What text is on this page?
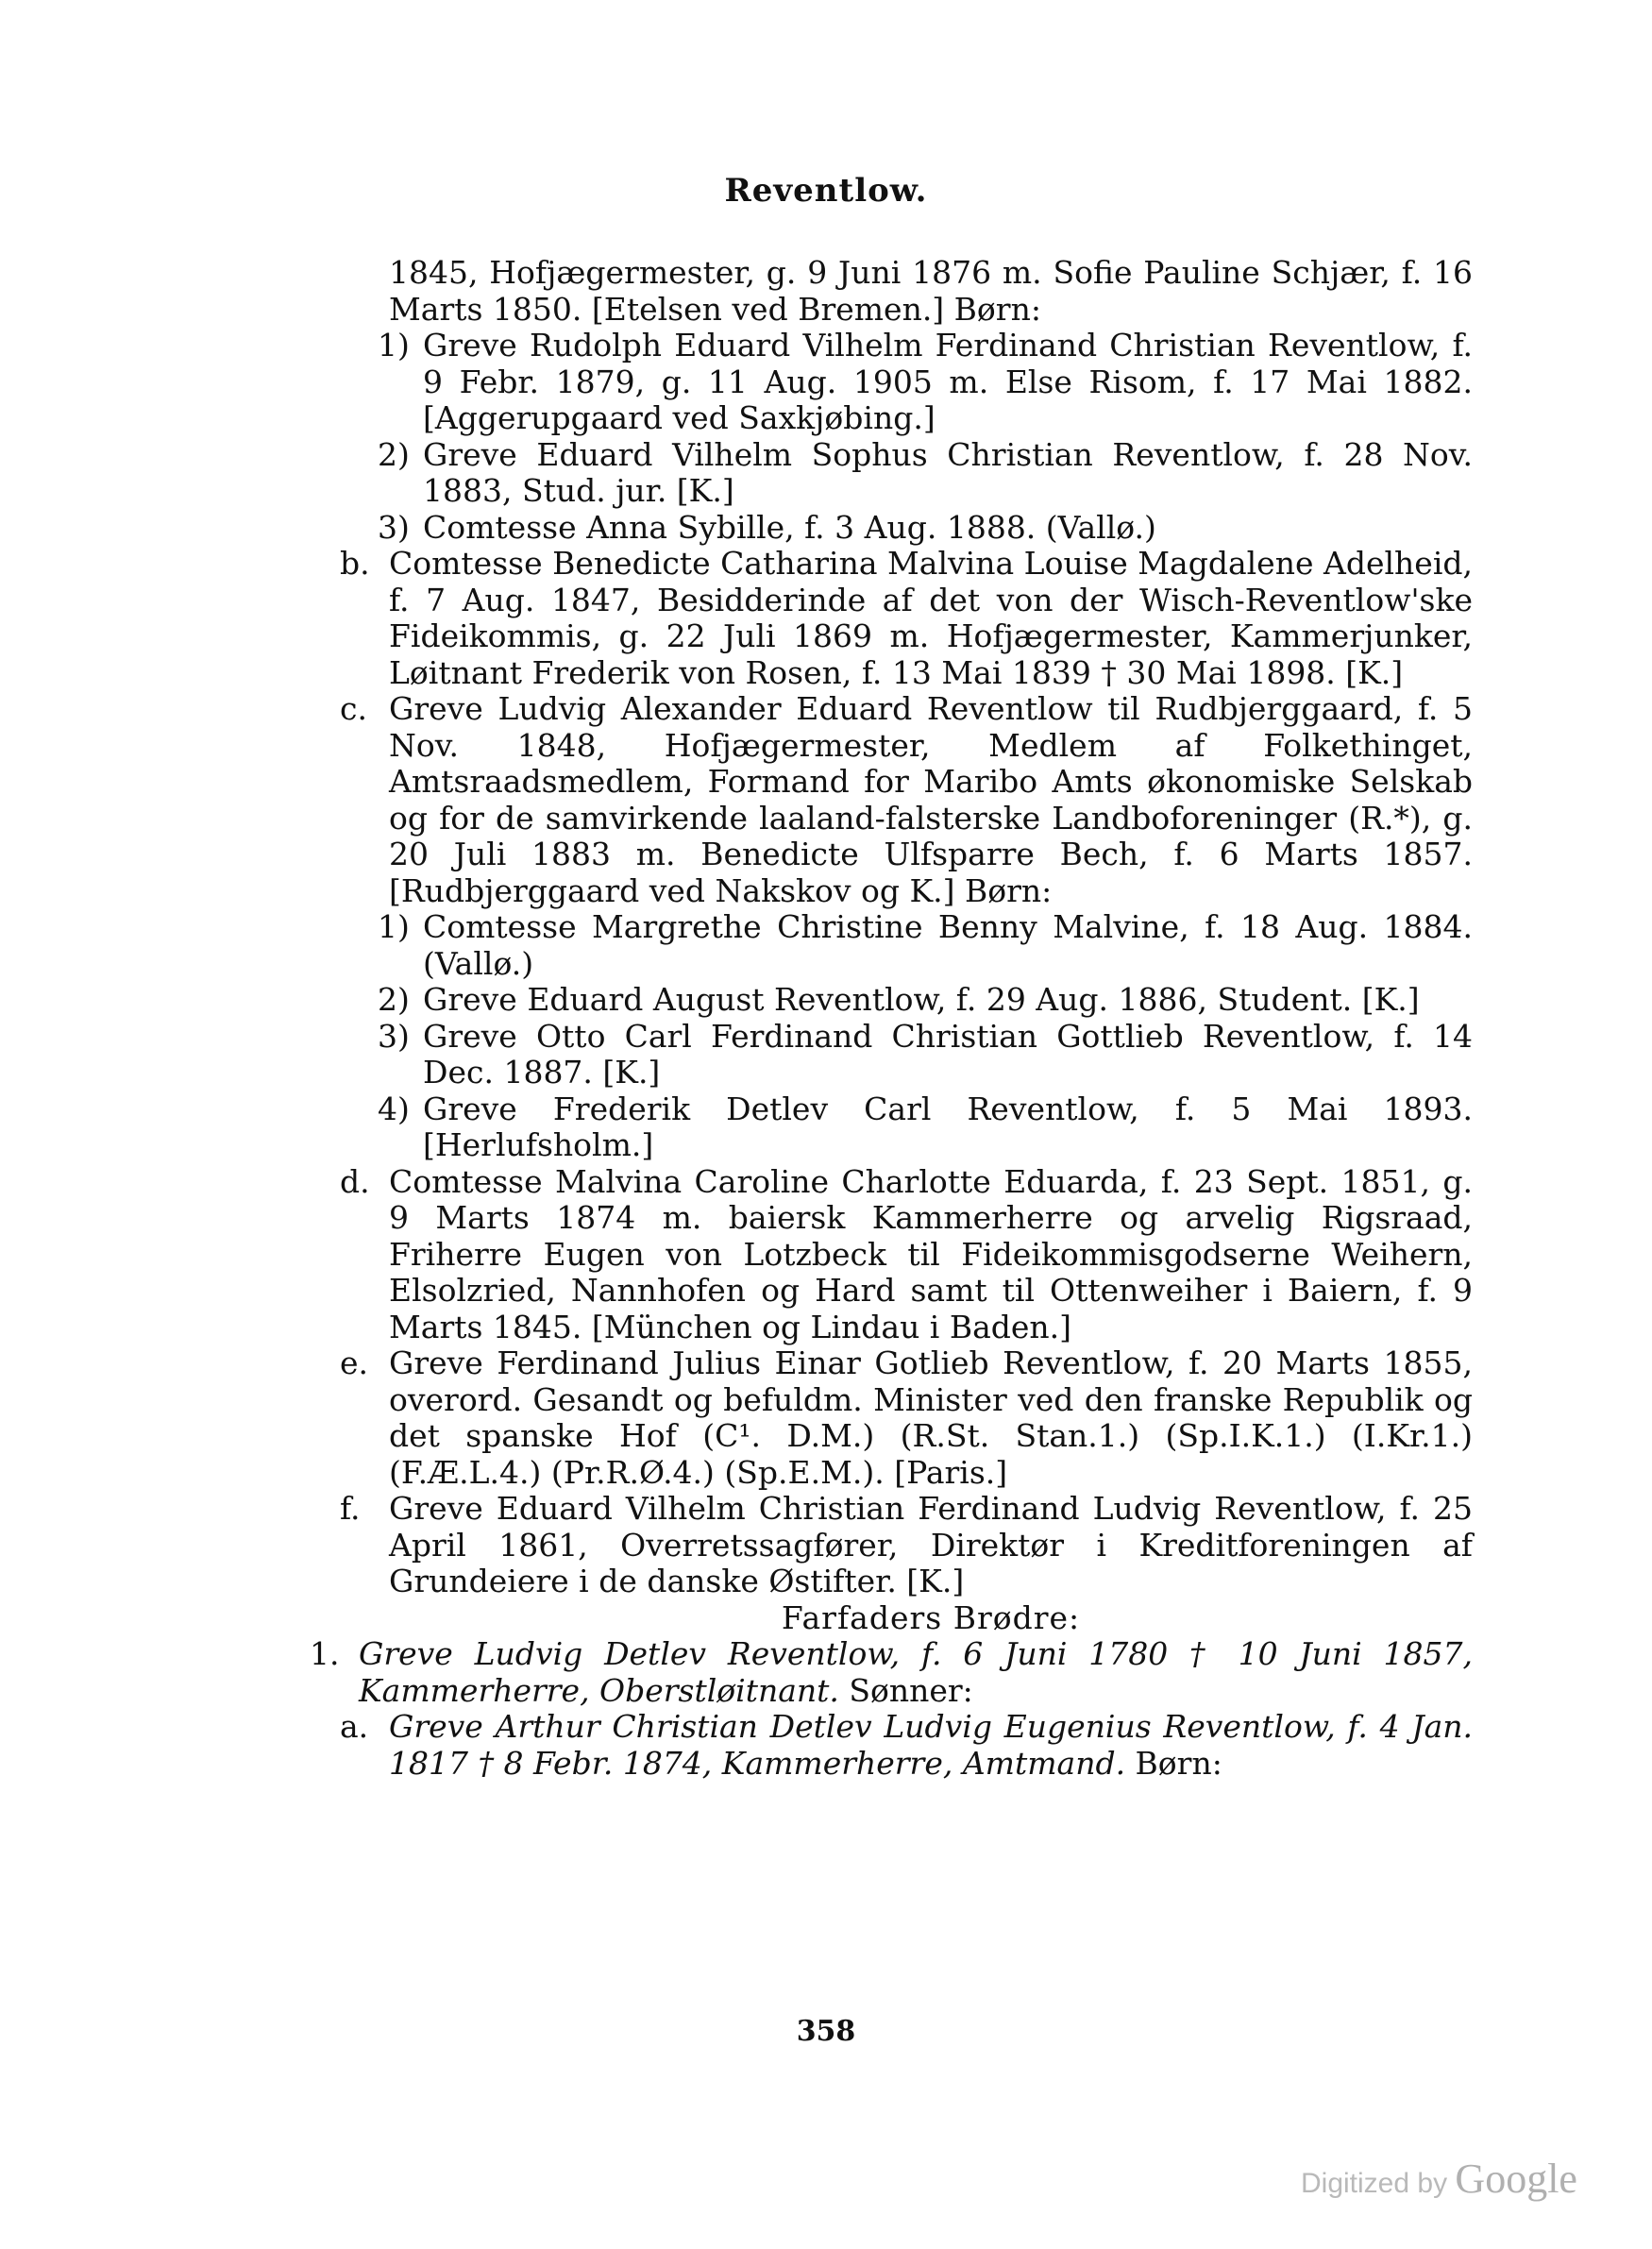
Reventlow.
1845, Hofjægermester, g. 9 Juni 1876 m. Sofie Pauline Schjær, f. 16 Marts 1850. [Etelsen ved Bremen.] Børn:
1) Greve Rudolph Eduard Vilhelm Ferdinand Christian Reventlow, f. 9 Febr. 1879, g. 11 Aug. 1905 m. Else Risom, f. 17 Mai 1882. [Aggerupgaard ved Saxkjøbing.]
2) Greve Eduard Vilhelm Sophus Christian Reventlow, f. 28 Nov. 1883, Stud. jur. [K.]
3) Comtesse Anna Sybille, f. 3 Aug. 1888. (Vallø.)
b. Comtesse Benedicte Catharina Malvina Louise Magdalene Adelheid, f. 7 Aug. 1847, Besidderinde af det von der Wisch-Reventlow'ske Fideikommis, g. 22 Juli 1869 m. Hofjægermester, Kammerjunker, Løitnant Frederik von Rosen, f. 13 Mai 1839 † 30 Mai 1898. [K.]
c. Greve Ludvig Alexander Eduard Reventlow til Rudbjerggaard, f. 5 Nov. 1848, Hofjægermester, Medlem af Folkethinget, Amtsraadsmedlem, Formand for Maribo Amts økonomiske Selskab og for de samvirkende laaland-falsterske Landboforeninger (R.*), g. 20 Juli 1883 m. Benedicte Ulfsparre Bech, f. 6 Marts 1857. [Rudbjerggaard ved Nakskov og K.] Børn:
1) Comtesse Margrethe Christine Benny Malvine, f. 18 Aug. 1884. (Vallø.)
2) Greve Eduard August Reventlow, f. 29 Aug. 1886, Student. [K.]
3) Greve Otto Carl Ferdinand Christian Gottlieb Reventlow, f. 14 Dec. 1887. [K.]
4) Greve Frederik Detlev Carl Reventlow, f. 5 Mai 1893. [Herlufsholm.]
d. Comtesse Malvina Caroline Charlotte Eduarda, f. 23 Sept. 1851, g. 9 Marts 1874 m. baiersk Kammerherre og arvelig Rigsraad, Friherre Eugen von Lotzbeck til Fideikommisgodserne Weihern, Elsolzried, Nannhofen og Hard samt til Ottenweiher i Baiern, f. 9 Marts 1845. [München og Lindau i Baden.]
e. Greve Ferdinand Julius Einar Gotlieb Reventlow, f. 20 Marts 1855, overord. Gesandt og befuldm. Minister ved den franske Republik og det spanske Hof (C¹. D.M.) (R.St. Stan.1.) (Sp.I.K.1.) (I.Kr.1.) (F.Æ.L.4.) (Pr.R.Ø.4.) (Sp.E.M.). [Paris.]
f. Greve Eduard Vilhelm Christian Ferdinand Ludvig Reventlow, f. 25 April 1861, Overretssagfører, Direktør i Kreditforeningen af Grundeiere i de danske Østifter. [K.]
Farfaders Brødre:
1. Greve Ludvig Detlev Reventlow, f. 6 Juni 1780 † 10 Juni 1857, Kammerherre, Oberstløitnant. Sønner:
a. Greve Arthur Christian Detlev Ludvig Eugenius Reventlow, f. 4 Jan. 1817 † 8 Febr. 1874, Kammerherre, Amtmand. Børn:
358
Digitized by Google
